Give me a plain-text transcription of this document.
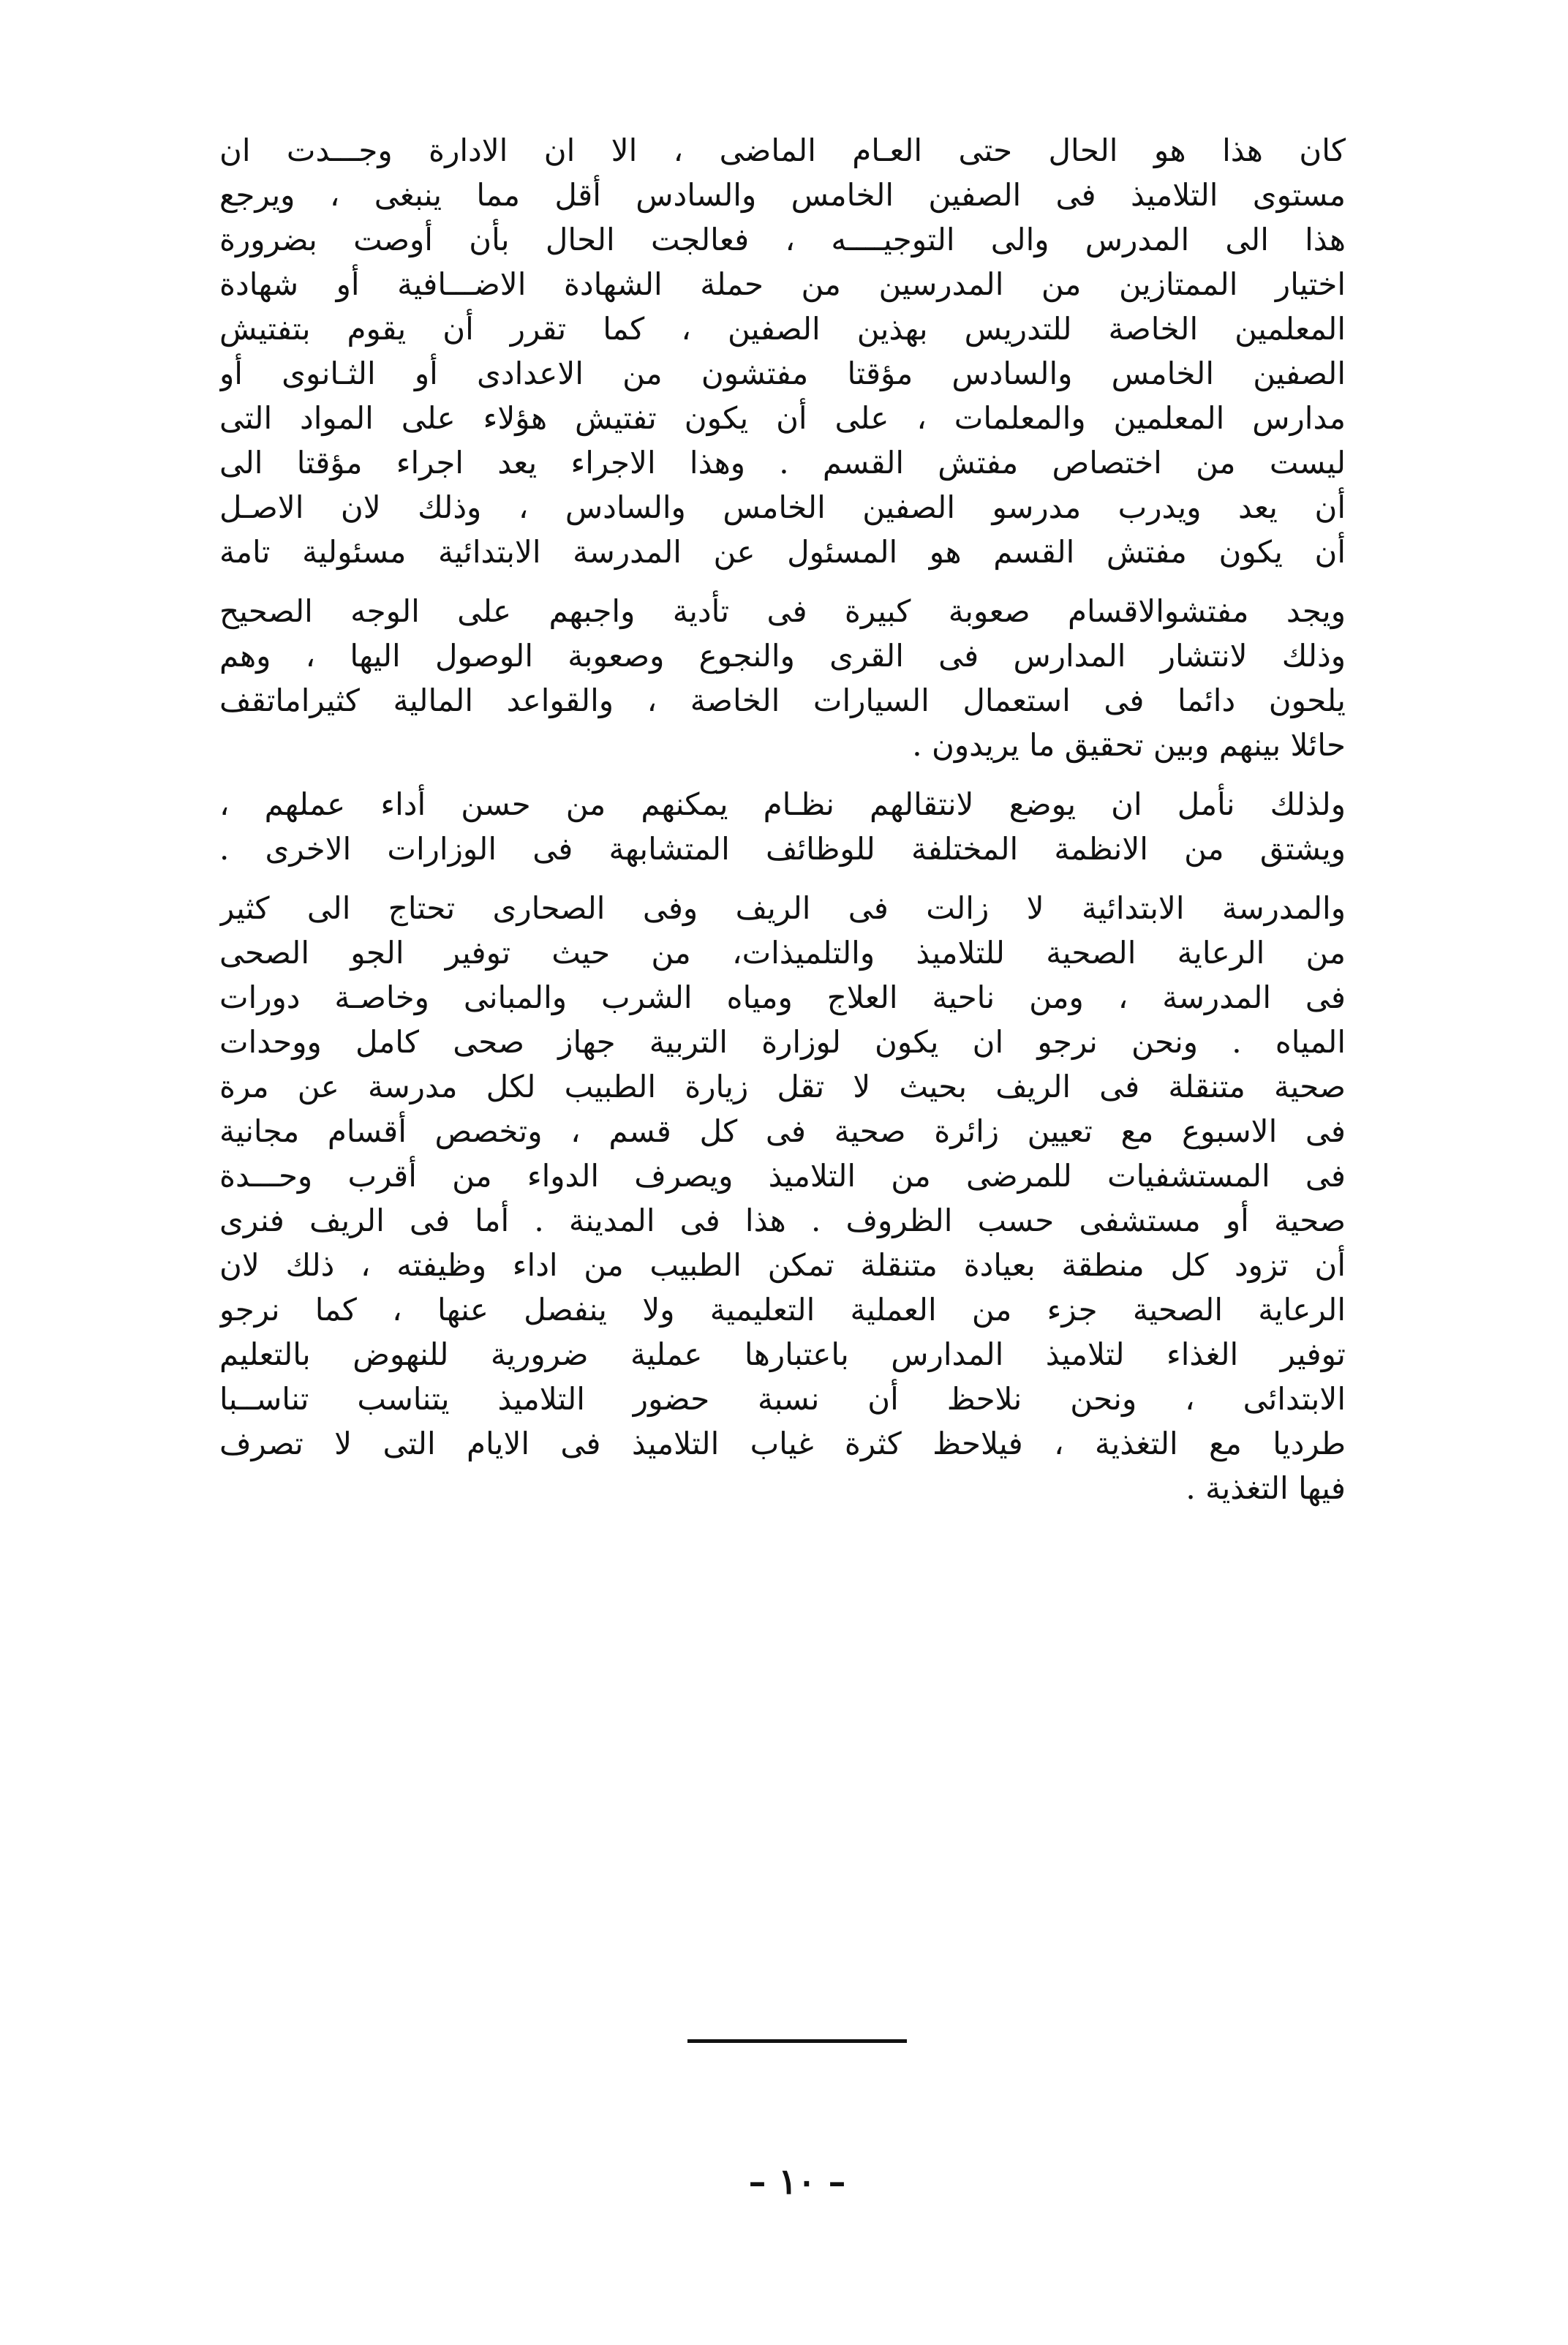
كان هذا هو الحال حتى العـام الماضى ، الا ان الادارة وجـــدت ان
مستوى التلاميذ فى الصفين الخامس والسادس أقل مما ينبغى ، ويرجع
هذا الى المدرس والى التوجيــــه ، فعالجت الحال بأن أوصت بضرورة
اختيار الممتازين من المدرسين من حملة الشهادة الاضـــافية أو شهادة
المعلمين الخاصة للتدريس بهذين الصفين ، كما تقرر أن يقوم بتفتيش
الصفين الخامس والسادس مؤقتا مفتشون من الاعدادى أو الثـانوى أو
مدارس المعلمين والمعلمات ، على أن يكون تفتيش هؤلاء على المواد التى
ليست من اختصاص مفتش القسم . وهذا الاجراء يعد اجراء مؤقتا الى
أن يعد ويدرب مدرسو الصفين الخامس والسادس ، وذلك لان الاصـل
أن يكون مفتش القسم هو المسئول عن المدرسة الابتدائية مسئولية تامة
ويجد مفتشوالاقسام صعوبة كبيرة فى تأدية واجبهم على الوجه الصحيح
وذلك لانتشار المدارس فى القرى والنجوع وصعوبة الوصول اليها ، وهم
يلحون دائما فى استعمال السيارات الخاصة ، والقواعد المالية كثيراماتقف
حائلا بينهم وبين تحقيق ما يريدون .
ولذلك نأمل ان يوضع لانتقالهم نظـام يمكنهم من حسن أداء عملهم ،
ويشتق من الانظمة المختلفة للوظائف المتشابهة فى الوزارات الاخرى .
والمدرسة الابتدائية لا زالت فى الريف وفى الصحارى تحتاج الى كثير
من الرعاية الصحية للتلاميذ والتلميذات، من حيث توفير الجو الصحى
فى المدرسة ، ومن ناحية العلاج ومياه الشرب والمبانى وخاصـة دورات
المياه . ونحن نرجو ان يكون لوزارة التربية جهاز صحى كامل ووحدات
صحية متنقلة فى الريف بحيث لا تقل زيارة الطبيب لكل مدرسة عن مرة
فى الاسبوع مع تعيين زائرة صحية فى كل قسم ، وتخصص أقسام مجانية
فى المستشفيات للمرضى من التلاميذ ويصرف الدواء من أقرب وحـــدة
صحية أو مستشفى حسب الظروف . هذا فى المدينة . أما فى الريف فنرى
أن تزود كل منطقة بعيادة متنقلة تمكن الطبيب من اداء وظيفته ، ذلك لان
الرعاية الصحية جزء من العملية التعليمية ولا ينفصل عنها ، كما نرجو
توفير الغذاء لتلاميذ المدارس باعتبارها عملية ضرورية للنهوض بالتعليم
الابتدائى ، ونحن نلاحظ أن نسبة حضور التلاميذ يتناسب تناســبا
طرديا مع التغذية ، فيلاحظ كثرة غياب التلاميذ فى الايام التى لا تصرف
فيها التغذية .
– ١٠ –
